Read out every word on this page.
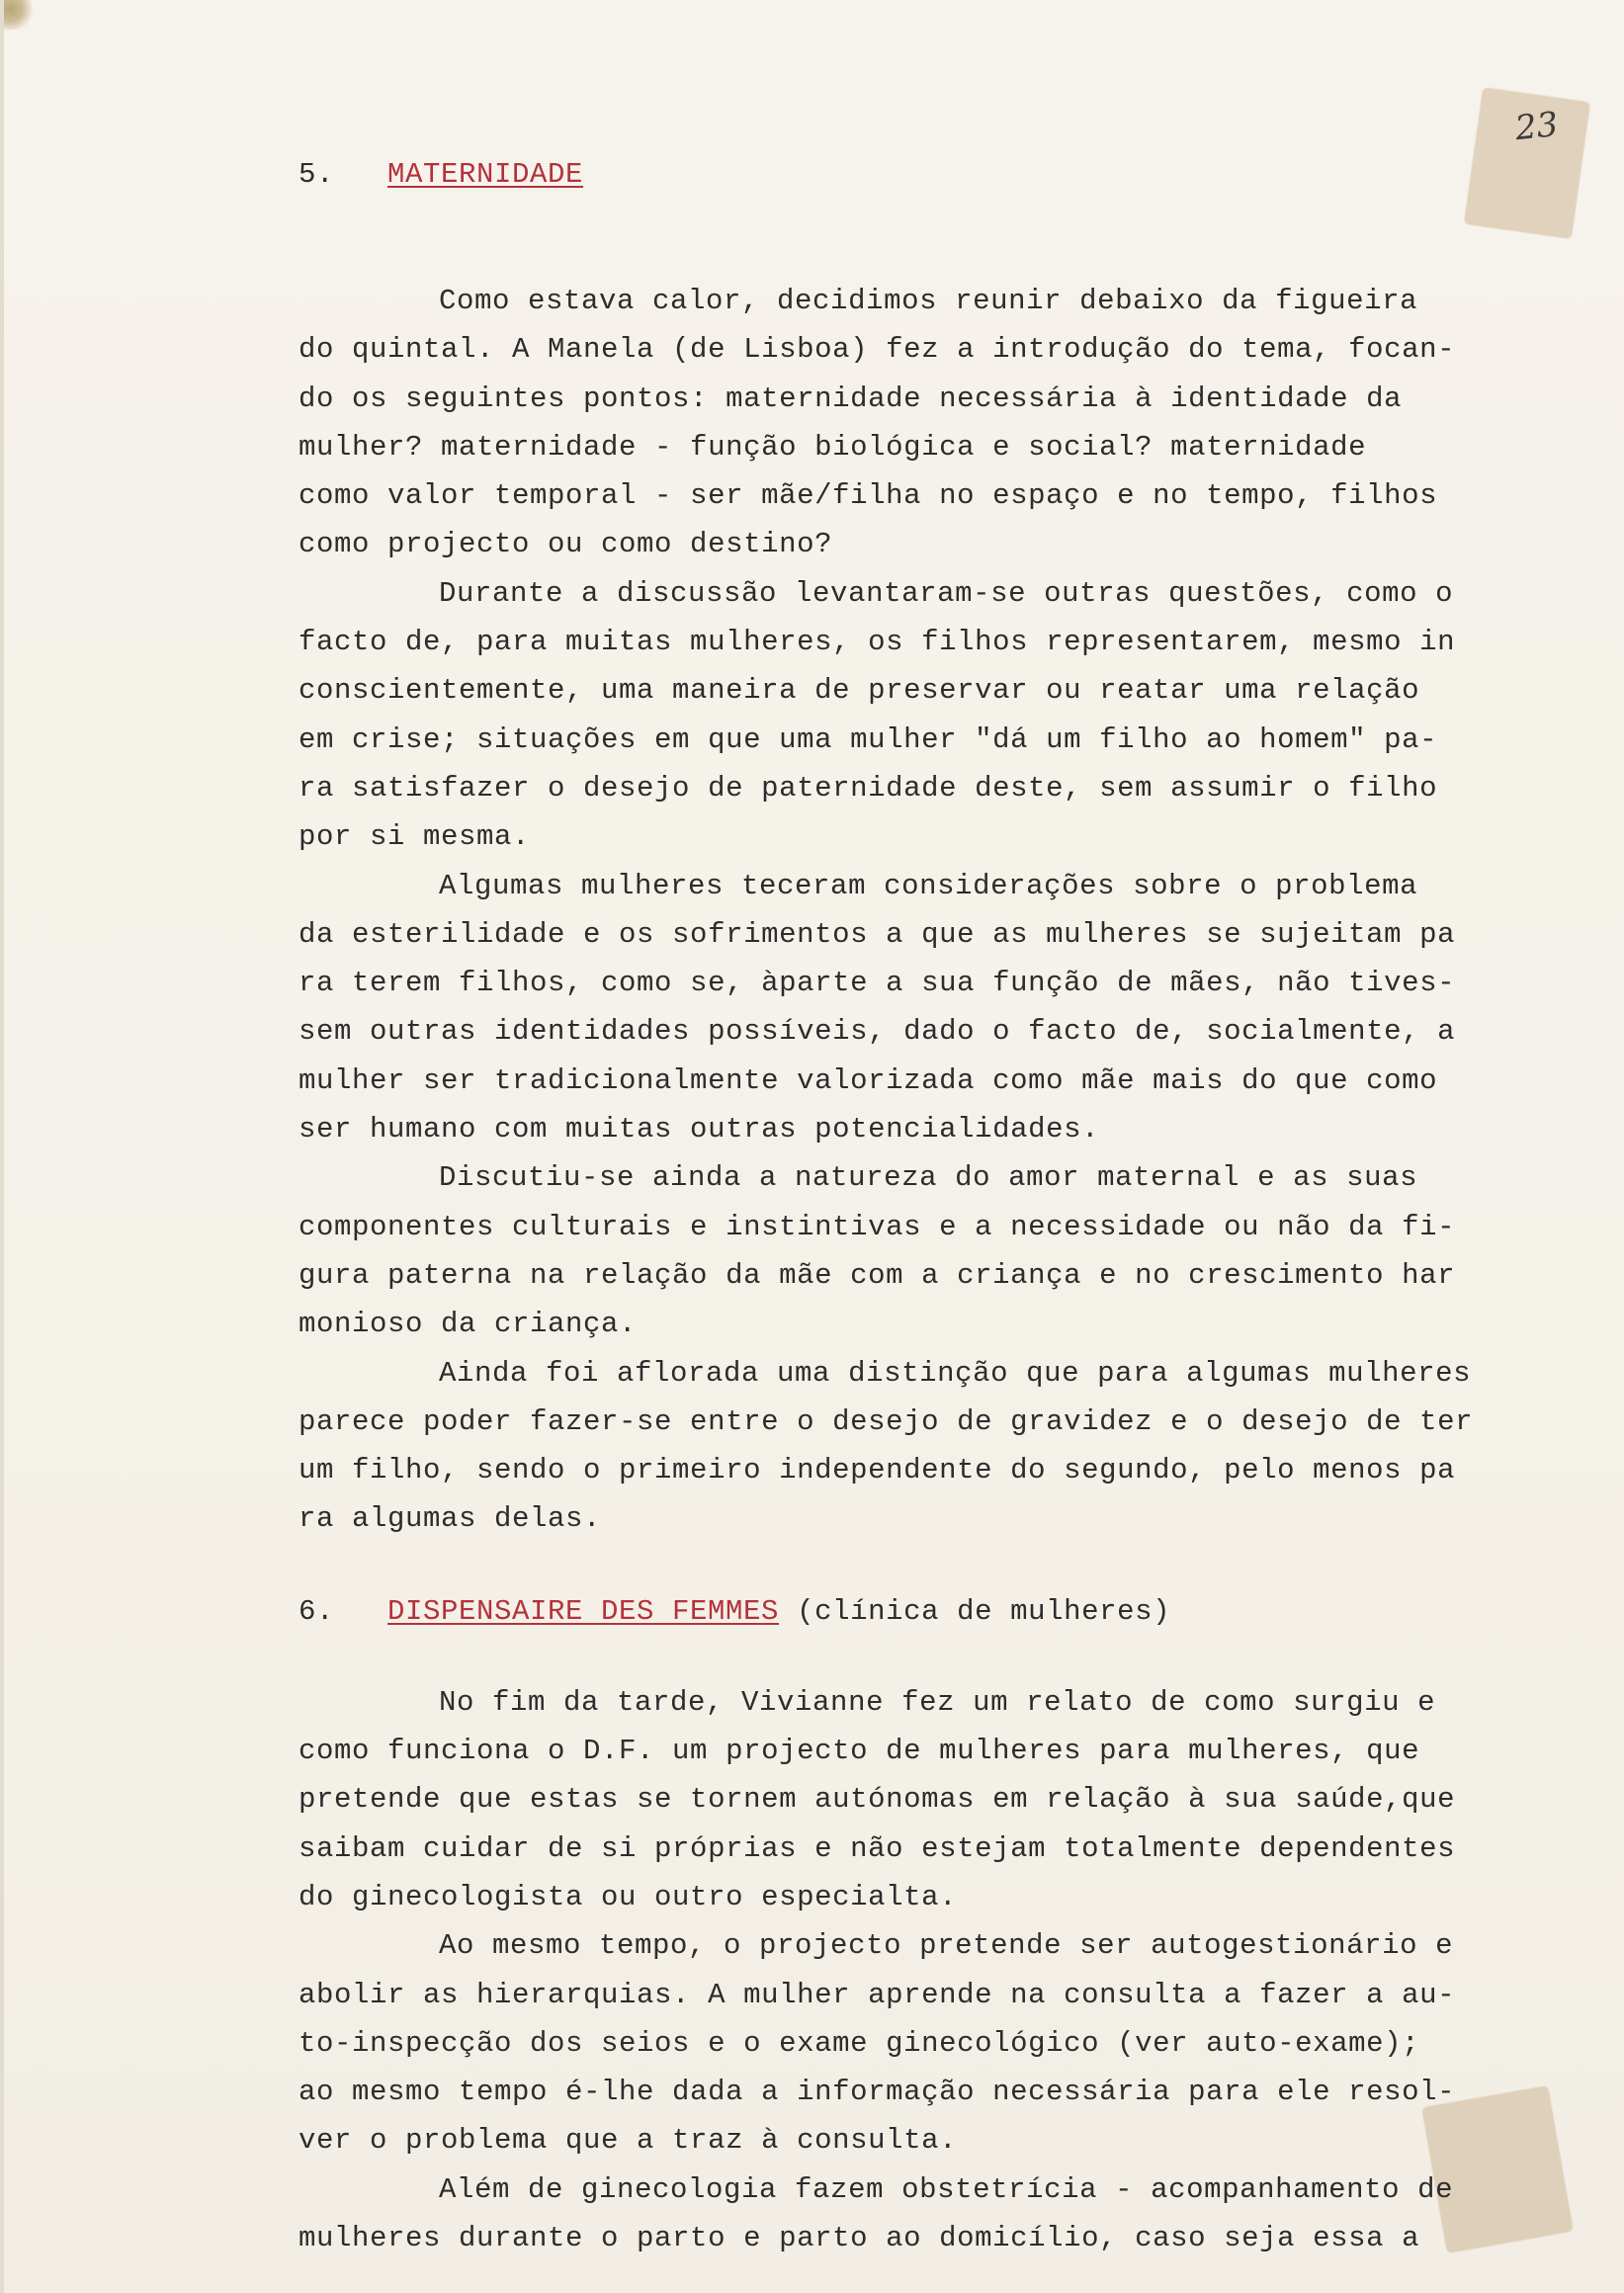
23
5. MATERNIDADE
Como estava calor, decidimos reunir debaixo da figueira
do quintal. A Manela (de Lisboa) fez a introdução do tema, focan-
do os seguintes pontos: maternidade necessária à identidade da
mulher? maternidade - função biológica e social? maternidade
como valor temporal - ser mãe/filha no espaço e no tempo, filhos
como projecto ou como destino?
Durante a discussão levantaram-se outras questões, como o
facto de, para muitas mulheres, os filhos representarem, mesmo in
conscientemente, uma maneira de preservar ou reatar uma relação
em crise; situações em que uma mulher "dá um filho ao homem" pa-
ra satisfazer o desejo de paternidade deste, sem assumir o filho
por si mesma.
Algumas mulheres teceram considerações sobre o problema
da esterilidade e os sofrimentos a que as mulheres se sujeitam pa
ra terem filhos, como se, àparte a sua função de mães, não tives-
sem outras identidades possíveis, dado o facto de, socialmente, a
mulher ser tradicionalmente valorizada como mãe mais do que como
ser humano com muitas outras potencialidades.
Discutiu-se ainda a natureza do amor maternal e as suas
componentes culturais e instintivas e a necessidade ou não da fi-
gura paterna na relação da mãe com a criança e no crescimento har
monioso da criança.
Ainda foi aflorada uma distinção que para algumas mulheres
parece poder fazer-se entre o desejo de gravidez e o desejo de ter
um filho, sendo o primeiro independente do segundo, pelo menos pa
ra algumas delas.
6. DISPENSAIRE DES FEMMES (clínica de mulheres)
No fim da tarde, Vivianne fez um relato de como surgiu e
como funciona o D.F. um projecto de mulheres para mulheres, que
pretende que estas se tornem autónomas em relação à sua saúde,que
saibam cuidar de si próprias e não estejam totalmente dependentes
do ginecologista ou outro especialta.
Ao mesmo tempo, o projecto pretende ser autogestionário e
abolir as hierarquias. A mulher aprende na consulta a fazer a au-
to-inspecção dos seios e o exame ginecológico (ver auto-exame);
ao mesmo tempo é-lhe dada a informação necessária para ele resol-
ver o problema que a traz à consulta.
Além de ginecologia fazem obstetrícia - acompanhamento de
mulheres durante o parto e parto ao domicílio, caso seja essa a
